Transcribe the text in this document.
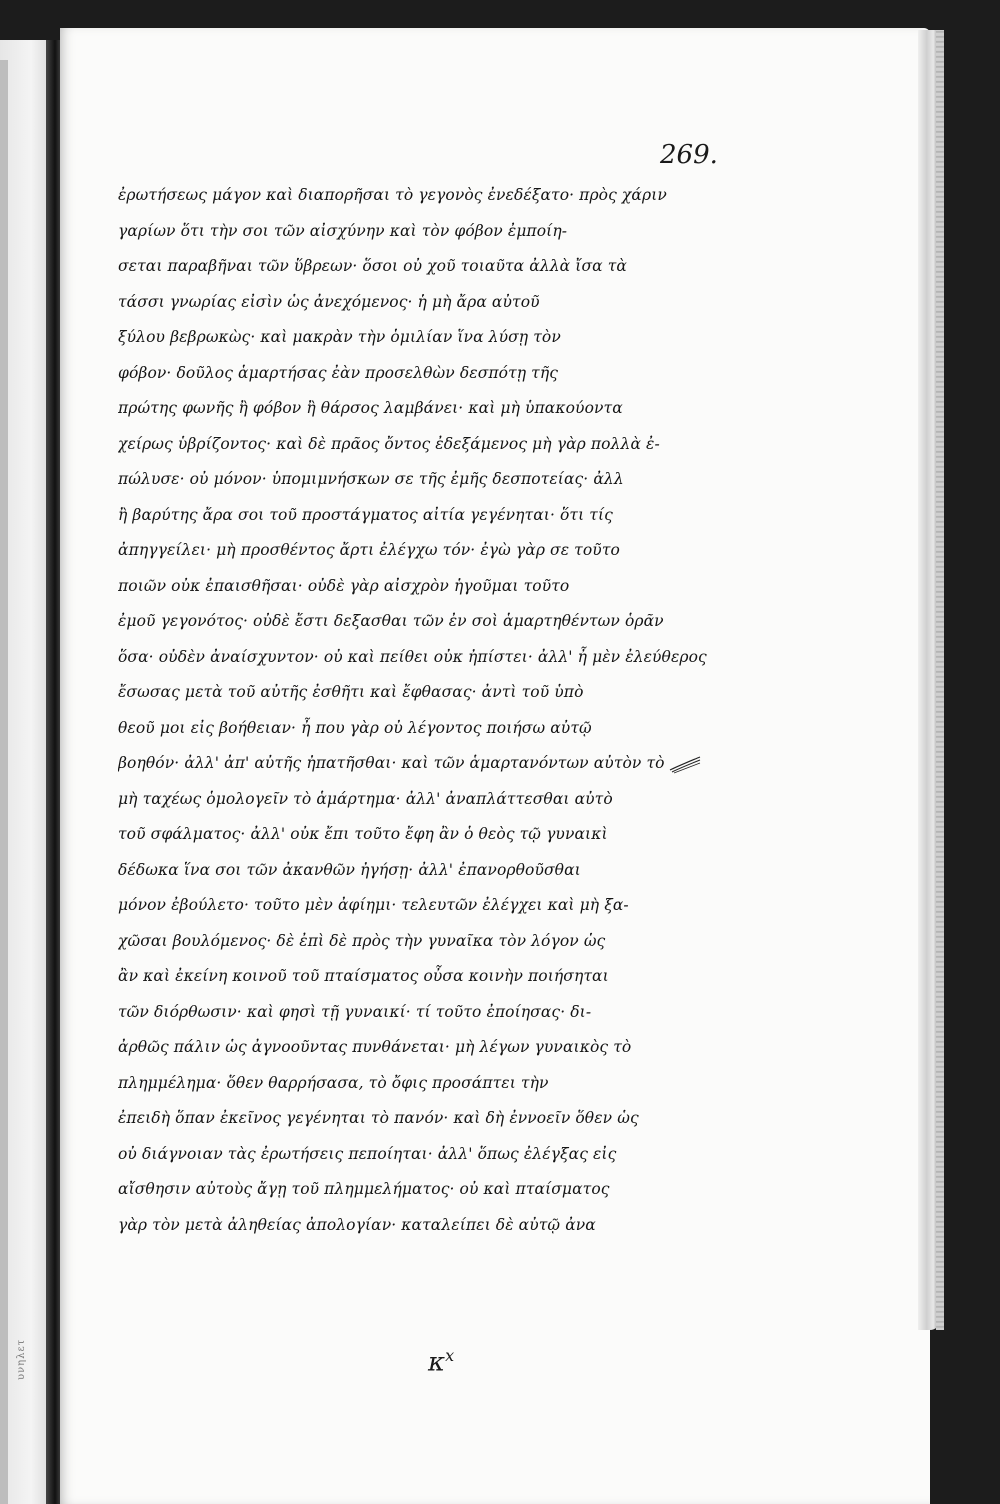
υνηλετ
269.
ἐρωτήσεως μάγον καὶ διαπορῆσαι τὸ γεγονὸς ἐνεδέξατο· πρὸς χάριν
γαρίων ὅτι τὴν σοι τῶν αἰσχύνην καὶ τὸν φόβον ἐμποίη-
σεται παραβῆναι τῶν ὕβρεων· ὅσοι οὐ χοῦ τοιαῦτα ἀλλὰ ἴσα τὰ
τάσσι γνωρίας εἰσὶν ὡς ἀνεχόμενος· ἡ μὴ ἄρα αὐτοῦ
ξύλου βεβρωκὼς· καὶ μακρὰν τὴν ὁμιλίαν ἵνα λύσῃ τὸν
φόβον· δοῦλος ἁμαρτήσας ἐὰν προσελθὼν δεσπότῃ τῆς
πρώτης φωνῆς ἢ φόβον ἢ θάρσος λαμβάνει· καὶ μὴ ὑπακούοντα
χείρως ὑβρίζοντος· καὶ δὲ πρᾶος ὄντος ἐδεξάμενος μὴ γὰρ πολλὰ ἐ-
πώλυσε· οὐ μόνον· ὑπομιμνήσκων σε τῆς ἐμῆς δεσποτείας· ἀλλ
ἢ βαρύτης ἄρα σοι τοῦ προστάγματος αἰτία γεγένηται· ὅτι τίς
ἀπηγγείλει· μὴ προσθέντος ἄρτι ἐλέγχω τόν· ἐγὼ γὰρ σε τοῦτο
ποιῶν οὐκ ἐπαισθῆσαι· οὐδὲ γὰρ αἰσχρὸν ἡγοῦμαι τοῦτο
ἐμοῦ γεγονότος· οὐδὲ ἔστι δεξασθαι τῶν ἐν σοὶ ἁμαρτηθέντων ὁρᾶν
ὅσα· οὐδὲν ἀναίσχυντον· οὐ καὶ πείθει οὐκ ἠπίστει· ἀλλ' ἦ μὲν ἐλεύθερος
ἔσωσας μετὰ τοῦ αὐτῆς ἐσθῆτι καὶ ἔφθασας· ἀντὶ τοῦ ὑπὸ
θεοῦ μοι εἰς βοήθειαν· ἦ που γὰρ οὐ λέγοντος ποιήσω αὐτῷ
βοηθόν· ἀλλ' ἀπ' αὐτῆς ἠπατῆσθαι· καὶ τῶν ἁμαρτανόντων αὐτὸν τὸ
μὴ ταχέως ὁμολογεῖν τὸ ἁμάρτημα· ἀλλ' ἀναπλάττεσθαι αὐτὸ
τοῦ σφάλματος· ἀλλ' οὐκ ἔπι τοῦτο ἔφη ἂν ὁ θεὸς τῷ γυναικὶ
δέδωκα ἵνα σοι τῶν ἀκανθῶν ἠγήσῃ· ἀλλ' ἐπανορθοῦσθαι
μόνον ἐβούλετο· τοῦτο μὲν ἀφίημι· τελευτῶν ἐλέγχει καὶ μὴ ξα-
χῶσαι βουλόμενος· δὲ ἐπὶ δὲ πρὸς τὴν γυναῖκα τὸν λόγον ὡς
ἂν καὶ ἐκείνη κοινοῦ τοῦ πταίσματος οὖσα κοινὴν ποιήσηται
τῶν διόρθωσιν· καὶ φησὶ τῇ γυναικί· τί τοῦτο ἐποίησας· δι-
ἀρθῶς πάλιν ὡς ἀγνοοῦντας πυνθάνεται· μὴ λέγων γυναικὸς τὸ
πλημμέλημα· ὅθεν θαρρήσασα, τὸ ὄφις προσάπτει τὴν
ἐπειδὴ ὅπαν ἐκεῖνος γεγένηται τὸ πανόν· καὶ δὴ ἐννοεῖν ὅθεν ὡς
οὐ διάγνοιαν τὰς ἐρωτήσεις πεποίηται· ἀλλ' ὅπως ἐλέγξας εἰς
αἴσθησιν αὐτοὺς ἄγῃ τοῦ πλημμελήματος· οὐ καὶ πταίσματος
γὰρ τὸν μετὰ ἀληθείας ἀπολογίαν· καταλείπει δὲ αὐτῷ ἀνα
$\kappa^x$
